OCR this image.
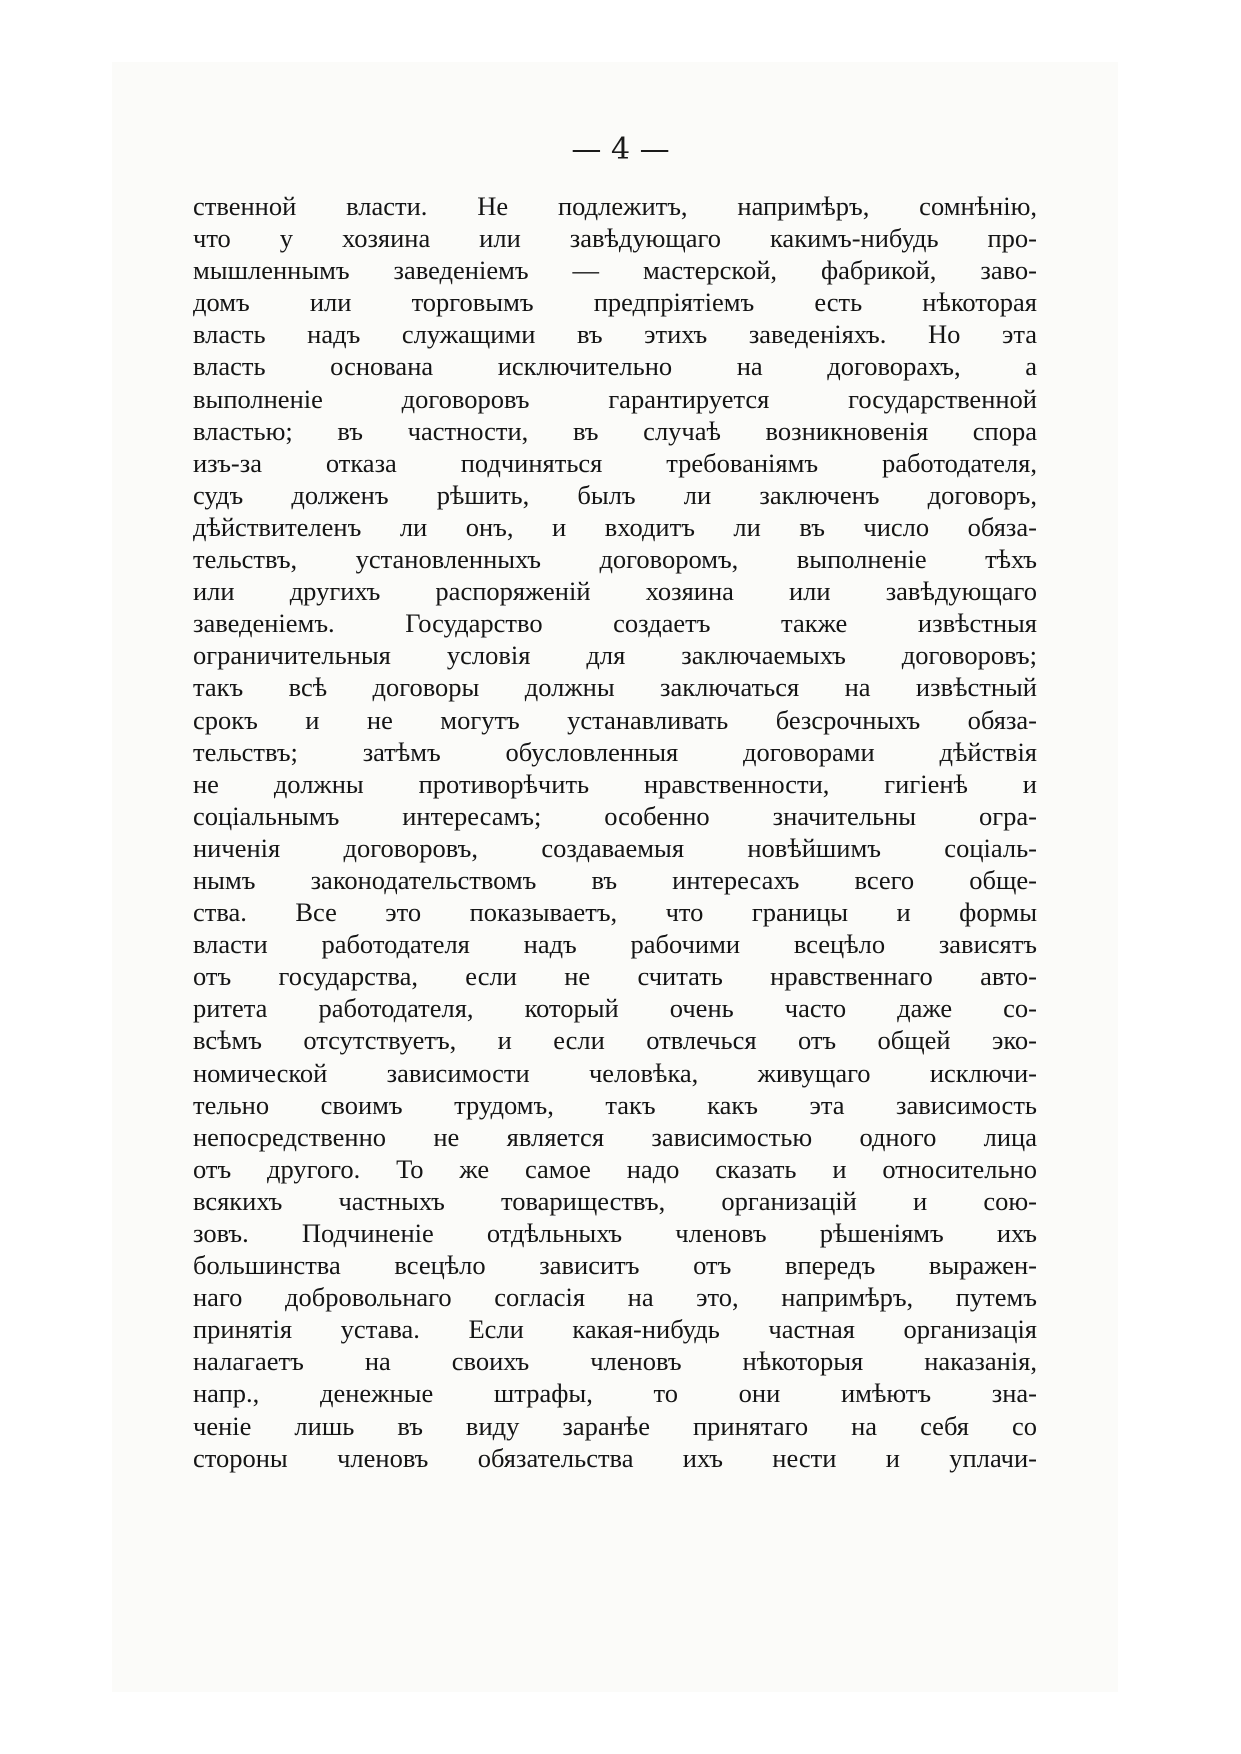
— 4 —

ственной власти. Не подлежитъ, напримѣръ, сомнѣнію,
что у хозяина или завѣдующаго какимъ-нибудь про-
мышленнымъ заведеніемъ — мастерской, фабрикой, заво-
домъ или торговымъ предпріятіемъ есть нѣкоторая
власть надъ служащими въ этихъ заведеніяхъ. Но эта
власть основана исключительно на договорахъ, а
выполненіе договоровъ гарантируется государственной
властью; въ частности, въ случаѣ возникновенія спора
изъ-за отказа подчиняться требованіямъ работодателя,
судъ долженъ рѣшить, былъ ли заключенъ договоръ,
дѣйствителенъ ли онъ, и входитъ ли въ число обяза-
тельствъ, установленныхъ договоромъ, выполненіе тѣхъ
или другихъ распоряженій хозяина или завѣдующаго
заведеніемъ. Государство создаетъ также извѣстныя
ограничительныя условія для заключаемыхъ договоровъ;
такъ всѣ договоры должны заключаться на извѣстный
срокъ и не могутъ устанавливать безсрочныхъ обяза-
тельствъ; затѣмъ обусловленныя договорами дѣйствія
не должны противорѣчить нравственности, гигіенѣ и
соціальнымъ интересамъ; особенно значительны огра-
ниченія договоровъ, создаваемыя новѣйшимъ соціаль-
нымъ законодательствомъ въ интересахъ всего обще-
ства. Все это показываетъ, что границы и формы
власти работодателя надъ рабочими всецѣло зависятъ
отъ государства, если не считать нравственнаго авто-
ритета работодателя, который очень часто даже со-
всѣмъ отсутствуетъ, и если отвлечься отъ общей эко-
номической зависимости человѣка, живущаго исключи-
тельно своимъ трудомъ, такъ какъ эта зависимость
непосредственно не является зависимостью одного лица
отъ другого. То же самое надо сказать и относительно
всякихъ частныхъ товариществъ, организацій и сою-
зовъ. Подчиненіе отдѣльныхъ членовъ рѣшеніямъ ихъ
большинства всецѣло зависитъ отъ впередъ выражен-
наго добровольнаго согласія на это, напримѣръ, путемъ
принятія устава. Если какая-нибудь частная организація
налагаетъ на своихъ членовъ нѣкоторыя наказанія,
напр., денежные штрафы, то они имѣютъ зна-
ченіе лишь въ виду заранѣе принятаго на себя со
стороны членовъ обязательства ихъ нести и уплачи-
